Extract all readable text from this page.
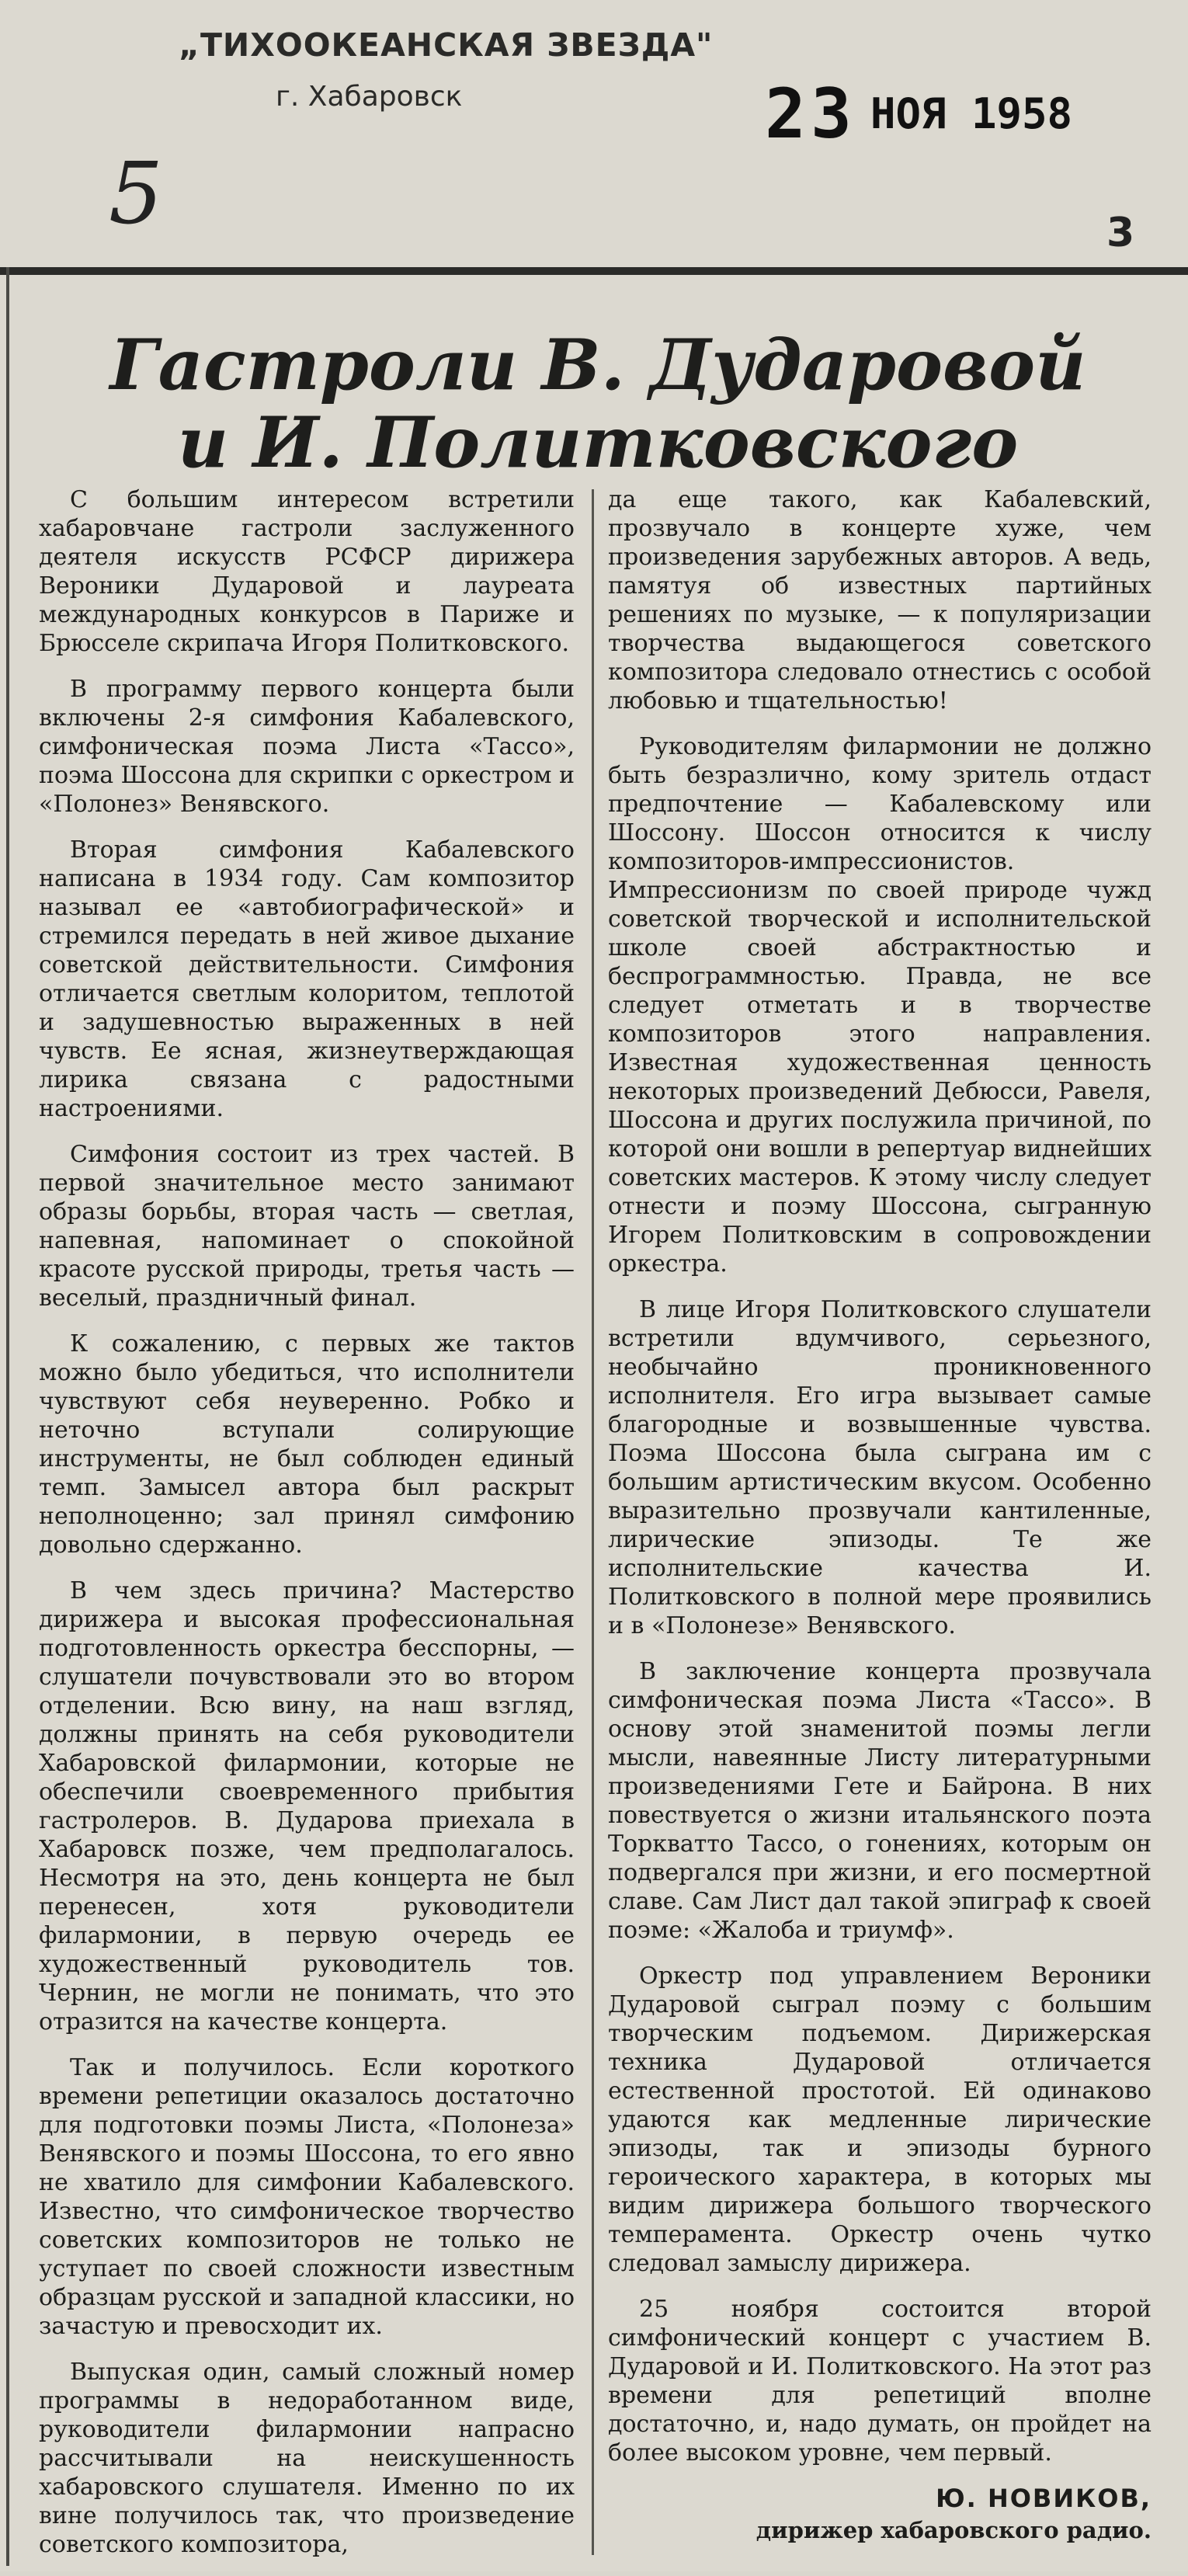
„ТИХООКЕАНСКАЯ ЗВЕЗДА"
г. Хабаровск	23 НОЯ 1958
5	3
Гастроли В. Дударовой
и И. Политковского

С большим интересом встретили хабаровчане гастроли заслуженного деятеля искусств РСФСР дирижера Вероники Дударовой и лауреата международных конкурсов в Париже и Брюсселе скрипача Игоря Политковского.

В программу первого концерта были включены 2-я симфония Кабалевского, симфоническая поэма Листа «Тассо», поэма Шоссона для скрипки с оркестром и «Полонез» Венявского.

Вторая симфония Кабалевского написана в 1934 году. Сам композитор называл ее «автобиографической» и стремился передать в ней живое дыхание советской действительности. Симфония отличается светлым колоритом, теплотой и задушевностью выраженных в ней чувств. Ее ясная, жизнеутверждающая лирика связана с радостными настроениями.

Симфония состоит из трех частей. В первой значительное место занимают образы борьбы, вторая часть — светлая, напевная, напоминает о спокойной красоте русской природы, третья часть — веселый, праздничный финал.

К сожалению, с первых же тактов можно было убедиться, что исполнители чувствуют себя неуверенно. Робко и неточно вступали солирующие инструменты, не был соблюден единый темп. Замысел автора был раскрыт неполноценно; зал принял симфонию довольно сдержанно.

В чем здесь причина? Мастерство дирижера и высокая профессиональная подготовленность оркестра бесспорны, — слушатели почувствовали это во втором отделении. Всю вину, на наш взгляд, должны принять на себя руководители Хабаровской филармонии, которые не обеспечили своевременного прибытия гастролеров. В. Дударова приехала в Хабаровск позже, чем предполагалось. Несмотря на это, день концерта не был перенесен, хотя руководители филармонии, в первую очередь ее художественный руководитель тов. Чернин, не могли не понимать, что это отразится на качестве концерта.

Так и получилось. Если короткого времени репетиции оказалось достаточно для подготовки поэмы Листа, «Полонеза» Венявского и поэмы Шоссона, то его явно не хватило для симфонии Кабалевского. Известно, что симфоническое творчество советских композиторов не только не уступает по своей сложности известным образцам русской и западной классики, но зачастую и превосходит их.

Выпуская один, самый сложный номер программы в недоработанном виде, руководители филармонии напрасно рассчитывали на неискушенность хабаровского слушателя. Именно по их вине получилось так, что произведение советского композитора,

да еще такого, как Кабалевский, прозвучало в концерте хуже, чем произведения зарубежных авторов. А ведь, памятуя об известных партийных решениях по музыке, — к популяризации творчества выдающегося советского композитора следовало отнестись с особой любовью и тщательностью!

Руководителям филармонии не должно быть безразлично, кому зритель отдаст предпочтение — Кабалевскому или Шоссону. Шоссон относится к числу композиторов-импрессионистов. Импрессионизм по своей природе чужд советской творческой и исполнительской школе своей абстрактностью и беспрограммностью. Правда, не все следует отметать и в творчестве композиторов этого направления. Известная художественная ценность некоторых произведений Дебюсси, Равеля, Шоссона и других послужила причиной, по которой они вошли в репертуар виднейших советских мастеров. К этому числу следует отнести и поэму Шоссона, сыгранную Игорем Политковским в сопровождении оркестра.

В лице Игоря Политковского слушатели встретили вдумчивого, серьезного, необычайно проникновенного исполнителя. Его игра вызывает самые благородные и возвышенные чувства. Поэма Шоссона была сыграна им с большим артистическим вкусом. Особенно выразительно прозвучали кантиленные, лирические эпизоды. Те же исполнительские качества И. Политковского в полной мере проявились и в «Полонезе» Венявского.

В заключение концерта прозвучала симфоническая поэма Листа «Тассо». В основу этой знаменитой поэмы легли мысли, навеянные Листу литературными произведениями Гете и Байрона. В них повествуется о жизни итальянского поэта Торкватто Тассо, о гонениях, которым он подвергался при жизни, и его посмертной славе. Сам Лист дал такой эпиграф к своей поэме: «Жалоба и триумф».

Оркестр под управлением Вероники Дударовой сыграл поэму с большим творческим подъемом. Дирижерская техника Дударовой отличается естественной простотой. Ей одинаково удаются как медленные лирические эпизоды, так и эпизоды бурного героического характера, в которых мы видим дирижера большого творческого темперамента. Оркестр очень чутко следовал замыслу дирижера.

25 ноября состоится второй симфонический концерт с участием В. Дударовой и И. Политковского. На этот раз времени для репетиций вполне достаточно, и, надо думать, он пройдет на более высоком уровне, чем первый.

Ю. НОВИКОВ,
дирижер хабаровского радио.
